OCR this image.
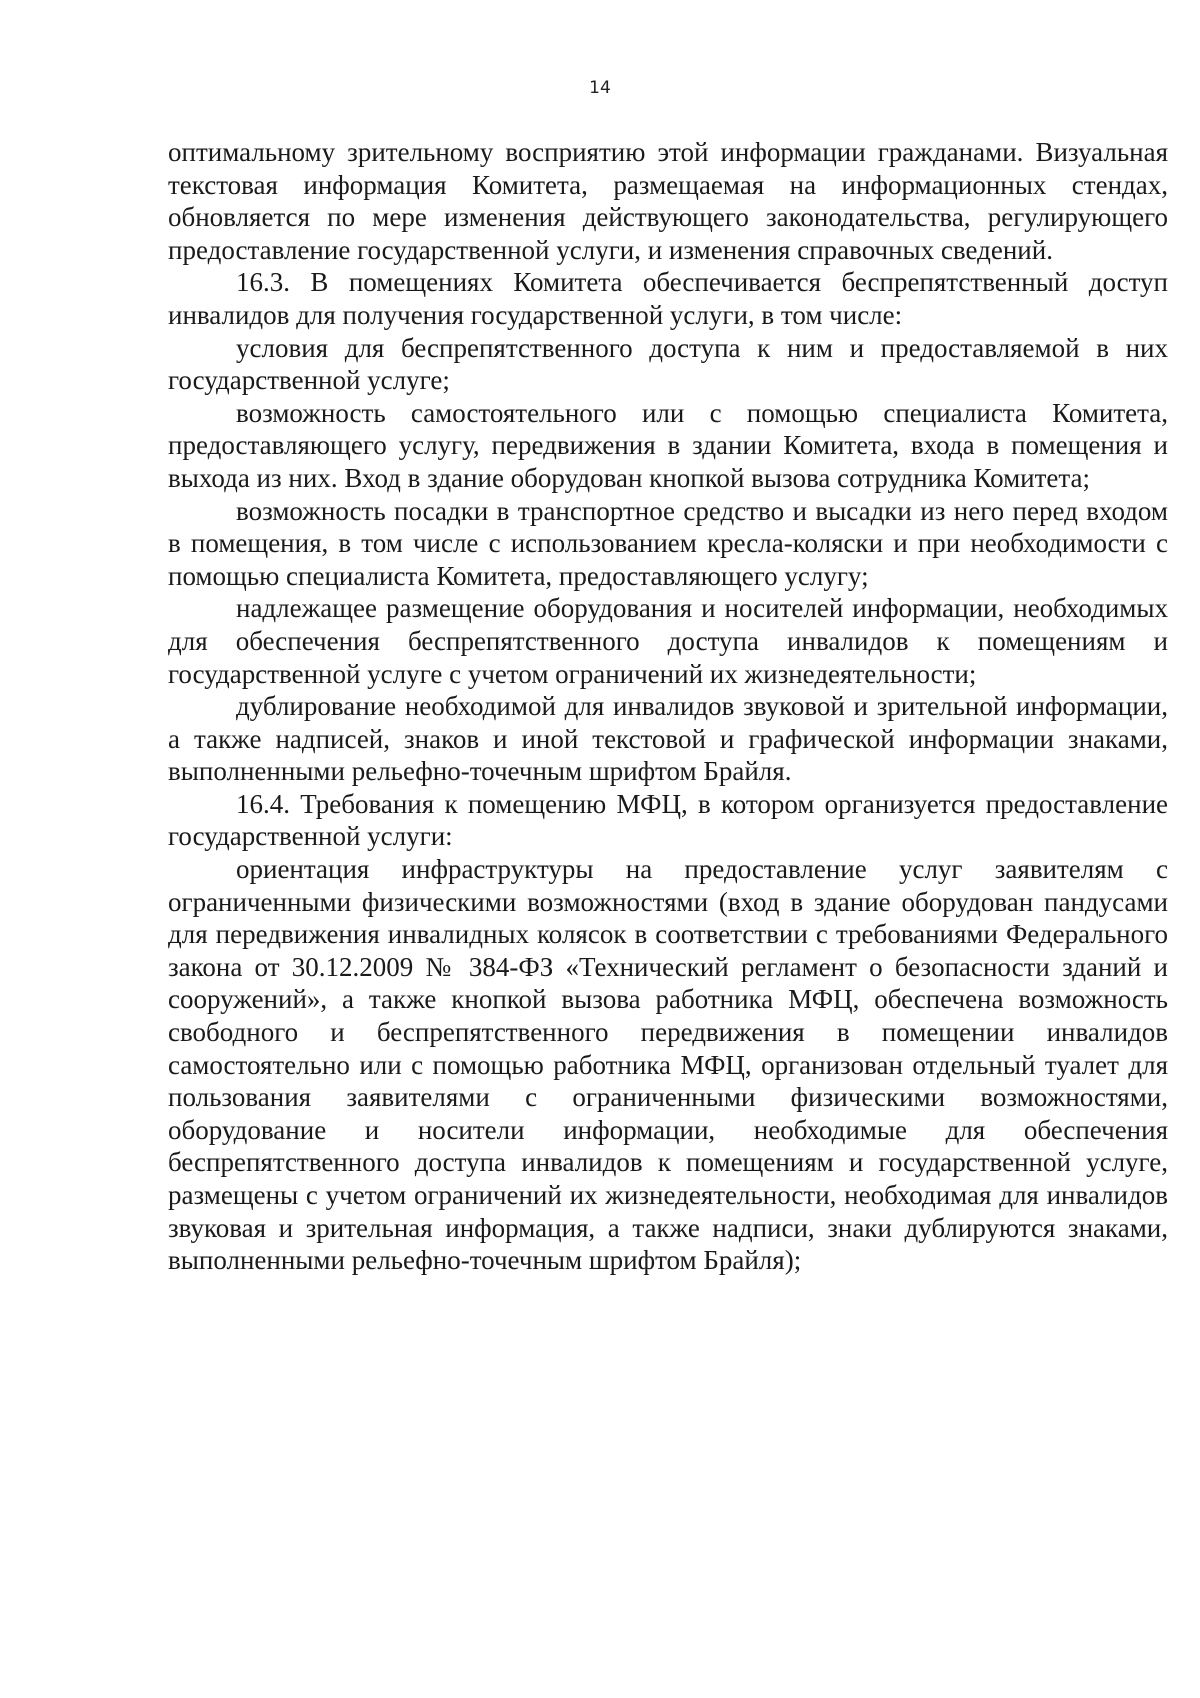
14

оптимальному зрительному восприятию этой информации гражданами. Визуальная текстовая информация Комитета, размещаемая на информационных стендах, обновляется по мере изменения действующего законодательства, регулирующего предоставление государственной услуги, и изменения справочных сведений.

16.3. В помещениях Комитета обеспечивается беспрепятственный доступ инвалидов для получения государственной услуги, в том числе:

условия для беспрепятственного доступа к ним и предоставляемой в них государственной услуге;

возможность самостоятельного или с помощью специалиста Комитета, предоставляющего услугу, передвижения в здании Комитета, входа в помещения и выхода из них. Вход в здание оборудован кнопкой вызова сотрудника Комитета;

возможность посадки в транспортное средство и высадки из него перед входом в помещения, в том числе с использованием кресла-коляски и при необходимости с помощью специалиста Комитета, предоставляющего услугу;

надлежащее размещение оборудования и носителей информации, необходимых для обеспечения беспрепятственного доступа инвалидов к помещениям и государственной услуге с учетом ограничений их жизнедеятельности;

дублирование необходимой для инвалидов звуковой и зрительной информации, а также надписей, знаков и иной текстовой и графической информации знаками, выполненными рельефно-точечным шрифтом Брайля.

16.4. Требования к помещению МФЦ, в котором организуется предоставление государственной услуги:

ориентация инфраструктуры на предоставление услуг заявителям с ограниченными физическими возможностями (вход в здание оборудован пандусами для передвижения инвалидных колясок в соответствии с требованиями Федерального закона от 30.12.2009 № 384-ФЗ «Технический регламент о безопасности зданий и сооружений», а также кнопкой вызова работника МФЦ, обеспечена возможность свободного и беспрепятственного передвижения в помещении инвалидов самостоятельно или с помощью работника МФЦ, организован отдельный туалет для пользования заявителями с ограниченными физическими возможностями, оборудование и носители информации, необходимые для обеспечения беспрепятственного доступа инвалидов к помещениям и государственной услуге, размещены с учетом ограничений их жизнедеятельности, необходимая для инвалидов звуковая и зрительная информация, а также надписи, знаки дублируются знаками, выполненными рельефно-точечным шрифтом Брайля);
